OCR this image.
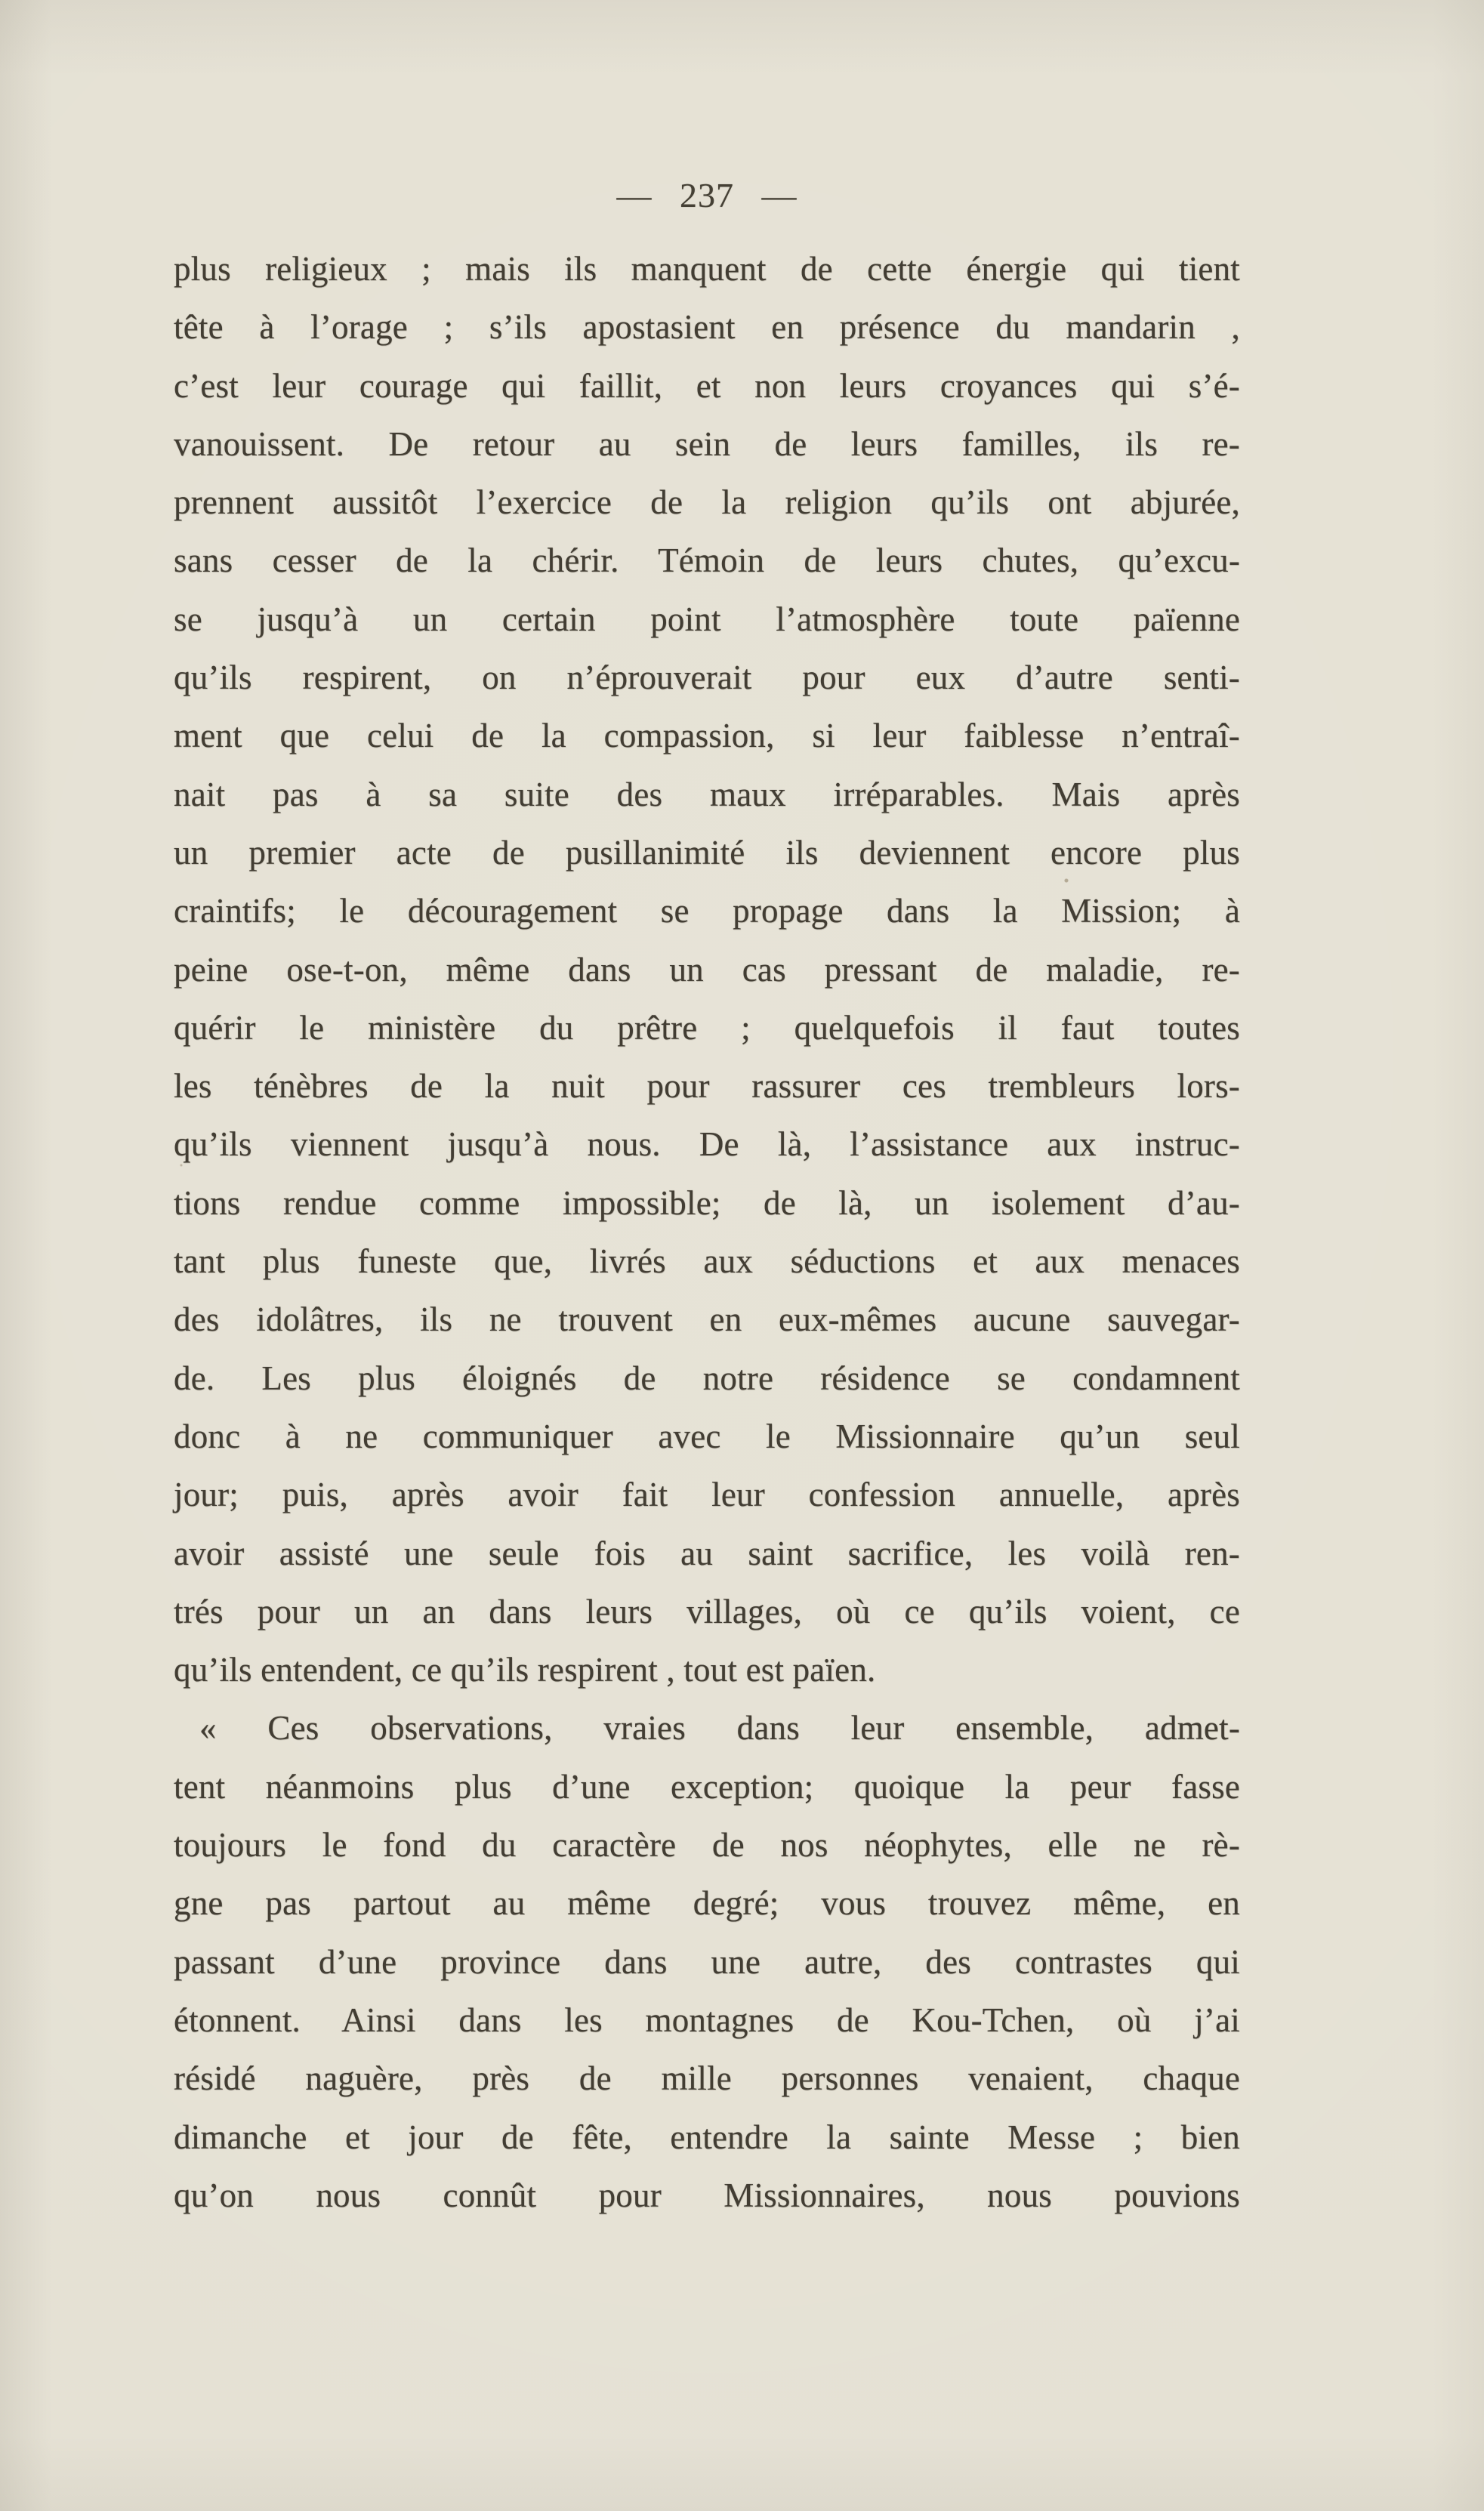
— 237 —
plus religieux ; mais ils manquent de cette énergie qui tient
tête à l’orage ; s’ils apostasient en présence du mandarin ,
c’est leur courage qui faillit, et non leurs croyances qui s’é-
vanouissent. De retour au sein de leurs familles, ils re-
prennent aussitôt l’exercice de la religion qu’ils ont abjurée,
sans cesser de la chérir. Témoin de leurs chutes, qu’excu-
se jusqu’à un certain point l’atmosphère toute païenne
qu’ils respirent, on n’éprouverait pour eux d’autre senti-
ment que celui de la compassion, si leur faiblesse n’entraî-
nait pas à sa suite des maux irréparables. Mais après
un premier acte de pusillanimité ils deviennent encore plus
craintifs; le découragement se propage dans la Mission; à
peine ose-t-on, même dans un cas pressant de maladie, re-
quérir le ministère du prêtre ; quelquefois il faut toutes
les ténèbres de la nuit pour rassurer ces trembleurs lors-
qu’ils viennent jusqu’à nous. De là, l’assistance aux instruc-
tions rendue comme impossible; de là, un isolement d’au-
tant plus funeste que, livrés aux séductions et aux menaces
des idolâtres, ils ne trouvent en eux-mêmes aucune sauvegar-
de. Les plus éloignés de notre résidence se condamnent
donc à ne communiquer avec le Missionnaire qu’un seul
jour; puis, après avoir fait leur confession annuelle, après
avoir assisté une seule fois au saint sacrifice, les voilà ren-
trés pour un an dans leurs villages, où ce qu’ils voient, ce
qu’ils entendent, ce qu’ils respirent , tout est païen.
« Ces observations, vraies dans leur ensemble, admet-
tent néanmoins plus d’une exception; quoique la peur fasse
toujours le fond du caractère de nos néophytes, elle ne rè-
gne pas partout au même degré; vous trouvez même, en
passant d’une province dans une autre, des contrastes qui
étonnent. Ainsi dans les montagnes de Kou-Tchen, où j’ai
résidé naguère, près de mille personnes venaient, chaque
dimanche et jour de fête, entendre la sainte Messe ; bien
qu’on nous connût pour Missionnaires, nous pouvions
